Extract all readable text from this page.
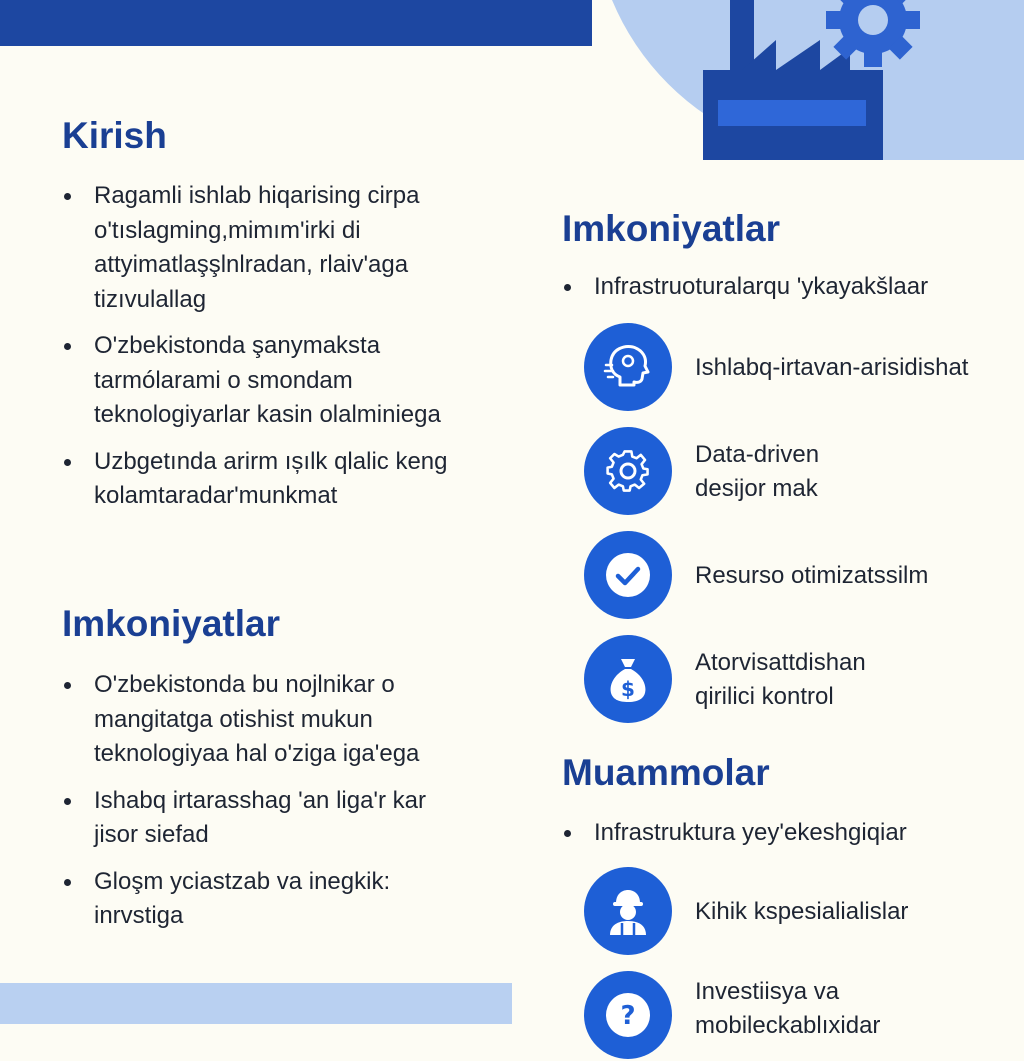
Kirish
Ragamli ishlab hiqarising cirpa o'tıslagming,mimım'irki di attyimatlaşşlnlradan, rlaiv'aga tizıvulallag
O'zbekistonda şanymaksta tarmólarami o smondam teknologiyarlar kasin olalminiega
Uzbgetında arirm ıșılk qlalic keng kolamtaradar'munkmat
Imkoniyatlar
O'zbekistonda bu nojlnikar o mangitatga otishist mukun teknologiyaa hal o'ziga iga'ega
Ishabq irtarasshag 'an liga'r kar jisor siefad
Gloşm yciastzab va inegkik: inrvstiga
Imkoniyatlar
Infrastruoturalarqu 'ykayakšlaar
Ishlabq-irtavan-arisidishat
Data-driven
desijor mak
Resurso otimizatssilm
$
Atorvisattdishan
qirilici kontrol
Muammolar
Infrastruktura yey'ekeshgiqiar
Kihik kspesialialislar
?
Investiisya va
mobileckablıxidar
